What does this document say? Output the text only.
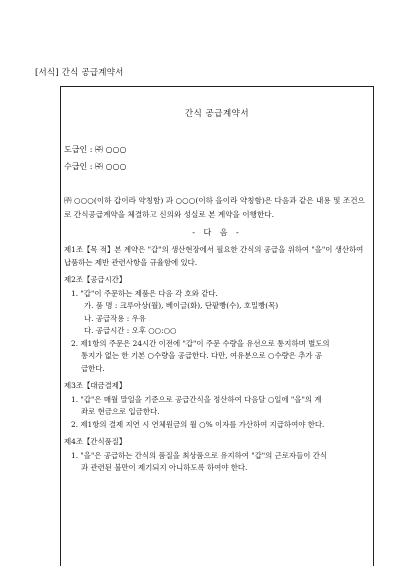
[서식] 간식 공급계약서
간식 공급계약서
도급인 : ㈜ ○○○
수급인 : ㈜ ○○○
㈜ ○○○(이하 갑이라 약칭함) 과 ○○○(이하 을이라 약칭함)은 다음과 같은 내용 및 조건으로 간식공급계약을 체결하고 신의와 성실로 본 계약을 이행한다.
- 다 음 -
제1조【목 적】본 계약은 "갑"의 생산현장에서 필요한 간식의 공급을 위하여 "을"이 생산하여 납품하는 제반 관련사항을 규율함에 있다.
제2조【공급시간】
1. "갑"이 주문하는 제품은 다음 각 호와 같다.
가. 품 명 : 크루아상(월), 베이글(화), 단팥빵(수), 호밀빵(목)
나. 공급작용 : 우유
다. 공급시간 : 오후 ○○:○○
2. 제1항의 주문은 24시간 이전에 "갑"이 주문 수량을 유선으로 통지하며 별도의
통지가 없는 한 기본 ○수량을 공급한다. 다만, 여유분으로 ○수량은 추가 공
급한다.
제3조【대금결제】
1. "갑"은 매월 말일을 기준으로 공급간식을 정산하여 다음달 ○일에 "을"의 계
좌로 현금으로 입금한다.
2. 제1항의 결제 지연 시 연체원금의 월 ○% 이자를 가산하여 지급하여야 한다.
제4조【간식품질】
1. "을"은 공급하는 간식의 품질을 최상품으로 유지하여 "갑"의 근로자들이 간식
과 관련된 불만이 제기되지 아니하도록 하여야 한다.
